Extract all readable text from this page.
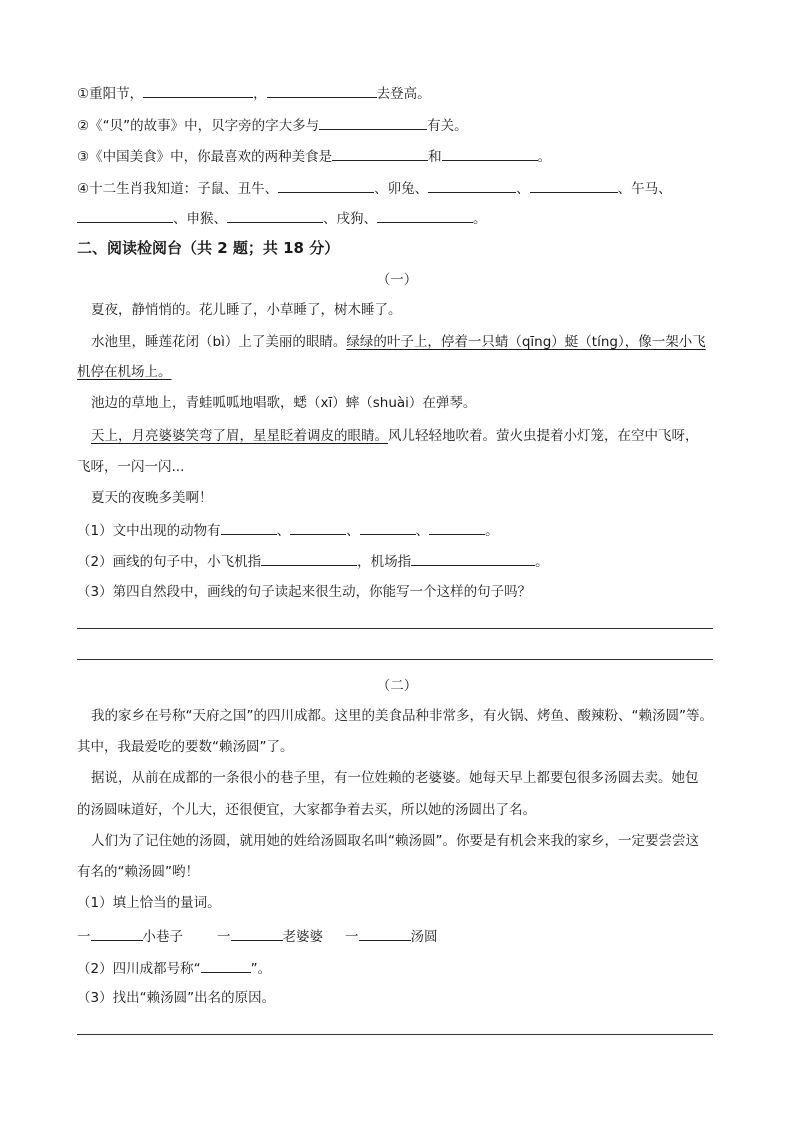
①重阳节，	，	去登高。
②《“贝”的故事》中，贝字旁的字大多与	有关。
③《中国美食》中，你最喜欢的两种美食是	和	。
④十二生肖我知道：子鼠、丑牛、	、卯兔、	、	、午马、
、申猴、	、戌狗、	。
二、阅读检阅台（共 2 题；共 18 分）
（一）
夏夜，静悄悄的。花儿睡了，小草睡了，树木睡了。
水池里，睡莲花闭（bì）上了美丽的眼睛。绿绿的叶子上，停着一只蜻（qīng）蜓（tíng），像一架小飞
机停在机场上。
池边的草地上，青蛙呱呱地唱歌，蟋（xī）蟀（shuài）在弹琴。
天上，月亮婆婆笑弯了眉，星星眨着调皮的眼睛。风儿轻轻地吹着。萤火虫提着小灯笼，在空中飞呀，
飞呀，一闪一闪...
夏天的夜晚多美啊！
（1）文中出现的动物有	、	、	、	。
（2）画线的句子中，小飞机指	，机场指	。
（3）第四自然段中，画线的句子读起来很生动，你能写一个这样的句子吗？
（二）
我的家乡在号称“天府之国”的四川成都。这里的美食品种非常多，有火锅、烤鱼、酸辣粉、“赖汤圆”等。
其中，我最爱吃的要数“赖汤圆”了。
据说，从前在成都的一条很小的巷子里，有一位姓赖的老婆婆。她每天早上都要包很多汤圆去卖。她包
的汤圆味道好，个儿大，还很便宜，大家都争着去买，所以她的汤圆出了名。
人们为了记住她的汤圆，就用她的姓给汤圆取名叫“赖汤圆”。你要是有机会来我的家乡，一定要尝尝这
有名的“赖汤圆”哟！
（1）填上恰当的量词。
一	小巷子	一	老婆婆 一	汤圆
（2）四川成都号称“	”。
（3）找出“赖汤圆”出名的原因。
